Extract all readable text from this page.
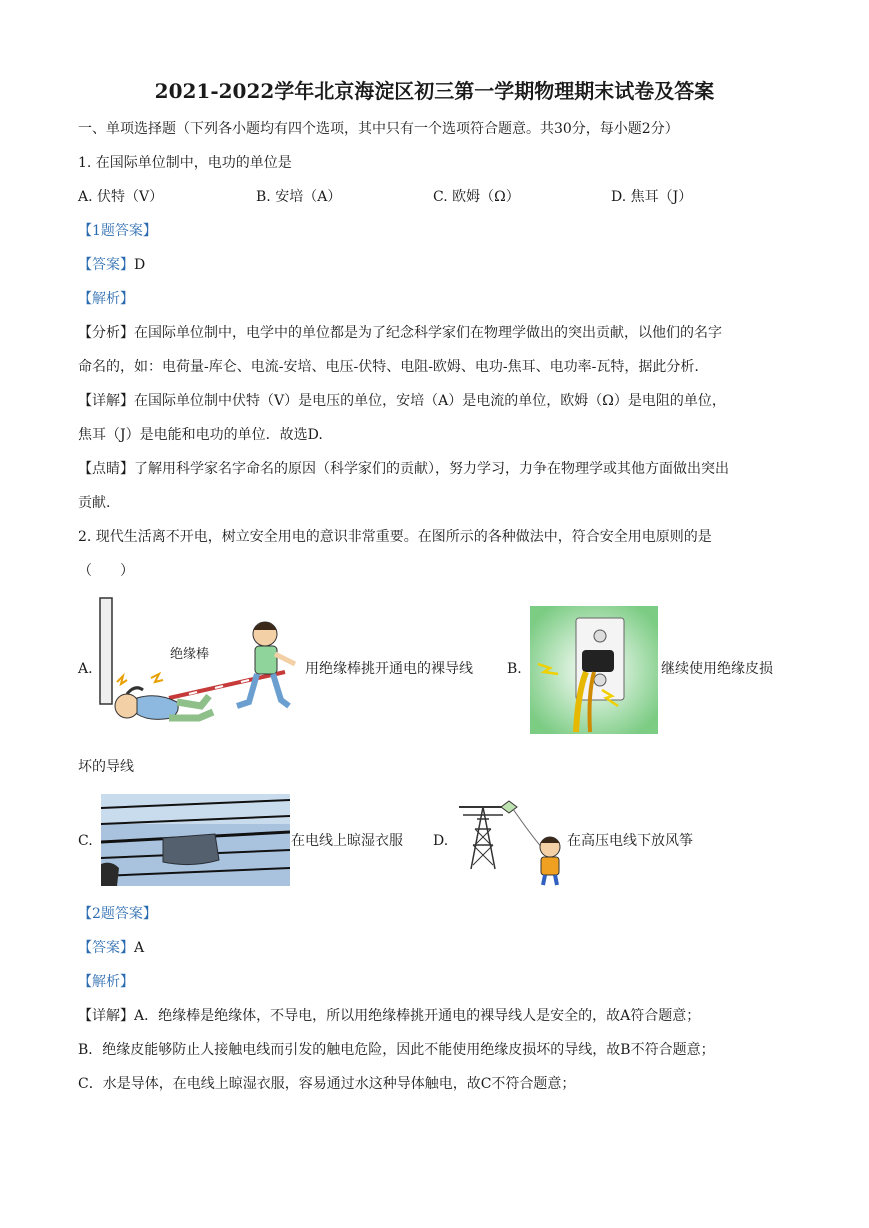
2021-2022学年北京海淀区初三第一学期物理期末试卷及答案
一、单项选择题（下列各小题均有四个选项，其中只有一个选项符合题意。共30分，每小题2分）
1. 在国际单位制中，电功的单位是
A. 伏特（V）	B. 安培（A）	C. 欧姆（Ω）	D. 焦耳（J）
【1题答案】
【答案】D
【解析】
【分析】在国际单位制中，电学中的单位都是为了纪念科学家们在物理学做出的突出贡献，以他们的名字
命名的，如：电荷量-库仑、电流-安培、电压-伏特、电阻-欧姆、电功-焦耳、电功率-瓦特，据此分析.
【详解】在国际单位制中伏特（V）是电压的单位，安培（A）是电流的单位，欧姆（Ω）是电阻的单位，
焦耳（J）是电能和电功的单位．故选D.
【点睛】了解用科学家名字命名的原因（科学家们的贡献），努力学习，力争在物理学或其他方面做出突出
贡献.
2. 现代生活离不开电，树立安全用电的意识非常重要。在图所示的各种做法中，符合安全用电原则的是
（　　）
A.
绝缘棒
用绝缘棒挑开通电的裸导线 B.	继续使用绝缘皮损
坏的导线
C.	在电线上晾湿衣服 D.	在高压电线下放风筝
【2题答案】
【答案】A
【解析】
【详解】A．绝缘棒是绝缘体，不导电，所以用绝缘棒挑开通电的裸导线人是安全的，故A符合题意；
B．绝缘皮能够防止人接触电线而引发的触电危险，因此不能使用绝缘皮损坏的导线，故B不符合题意；
C．水是导体，在电线上晾湿衣服，容易通过水这种导体触电，故C不符合题意；
